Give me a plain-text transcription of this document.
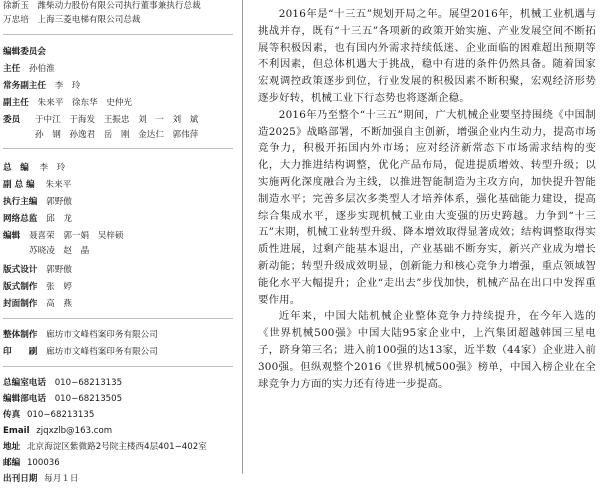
徐新玉　潍柴动力股份有限公司执行董事兼执行总裁
万忠培　上海三菱电梯有限公司总裁
编辑委员会
主任 孙伯淮
常务副主任 李　玲
副主任 朱来平　徐东华　史仲光
委员 于中江　于海发　王振忠　刘　一　刘　斌
孙　钢　孙逸君　岳　刚　金达仁　郭伟萍
总　编 李　玲
副 总 编 朱来平
执行主编 郭野傲
网络总监 邱　龙
编辑 聂喜荣　郭一娟　吴梓硕
苏晓凌　赵　晶
版式设计 郭野傲
版式制作 张　婷
封面制作 高　燕
整体制作 廊坊市文峰档案印务有限公司
印　　刷 廊坊市文峰档案印务有限公司
总编室电话 010−68213135
编辑部电话 010−68213505
传真 010−68213135
Email zjqxzlb@163.com
地址 北京海淀区紫微路2号院主楼西4层401−402室
邮编 100036
出刊日期 每月１日

2016年是“十三五”规划开局之年。展望2016年，机械工业机遇与挑战并存，既有“十三五”各项新的政策开始实施、产业发展空间不断拓展等积极因素，也有国内外需求持续低迷、企业面临的困难超出预期等不利因素，但总体机遇大于挑战，稳中有进的条件仍然具备。随着国家宏观调控政策逐步到位，行业发展的积极因素不断积聚，宏观经济形势逐步好转，机械工业下行态势也将逐渐企稳。

2016年乃至整个“十三五”期间，广大机械企业要坚持围绕《中国制造2025》战略部署，不断加强自主创新，增强企业内生动力，提高市场竞争力，积极开拓国内外市场；应对经济新常态下市场需求结构的变化，大力推进结构调整，优化产品布局，促进提质增效、转型升级；以实施两化深度融合为主线，以推进智能制造为主攻方向，加快提升智能制造水平；完善多层次多类型人才培养体系，强化基础能力建设，提高综合集成水平，逐步实现机械工业由大变强的历史跨越。力争到“十三五”末期，机械工业转型升级、降本增效取得显著成效；结构调整取得实质性进展，过剩产能基本退出，产业基础不断夯实，新兴产业成为增长新动能；转型升级成效明显，创新能力和核心竞争力增强，重点领域智能化水平大幅提升；企业“走出去”步伐加快，机械产品在出口中发挥重要作用。

近年来，中国大陆机械企业整体竞争力持续提升，在今年入选的《世界机械500强》中国大陆95家企业中，上汽集团超越韩国三星电子，跻身第三名；进入前100强的达13家，近半数（44家）企业进入前300强。但纵观整个2016《世界机械500强》榜单，中国入榜企业在全球竞争力方面的实力还有待进一步提高。
